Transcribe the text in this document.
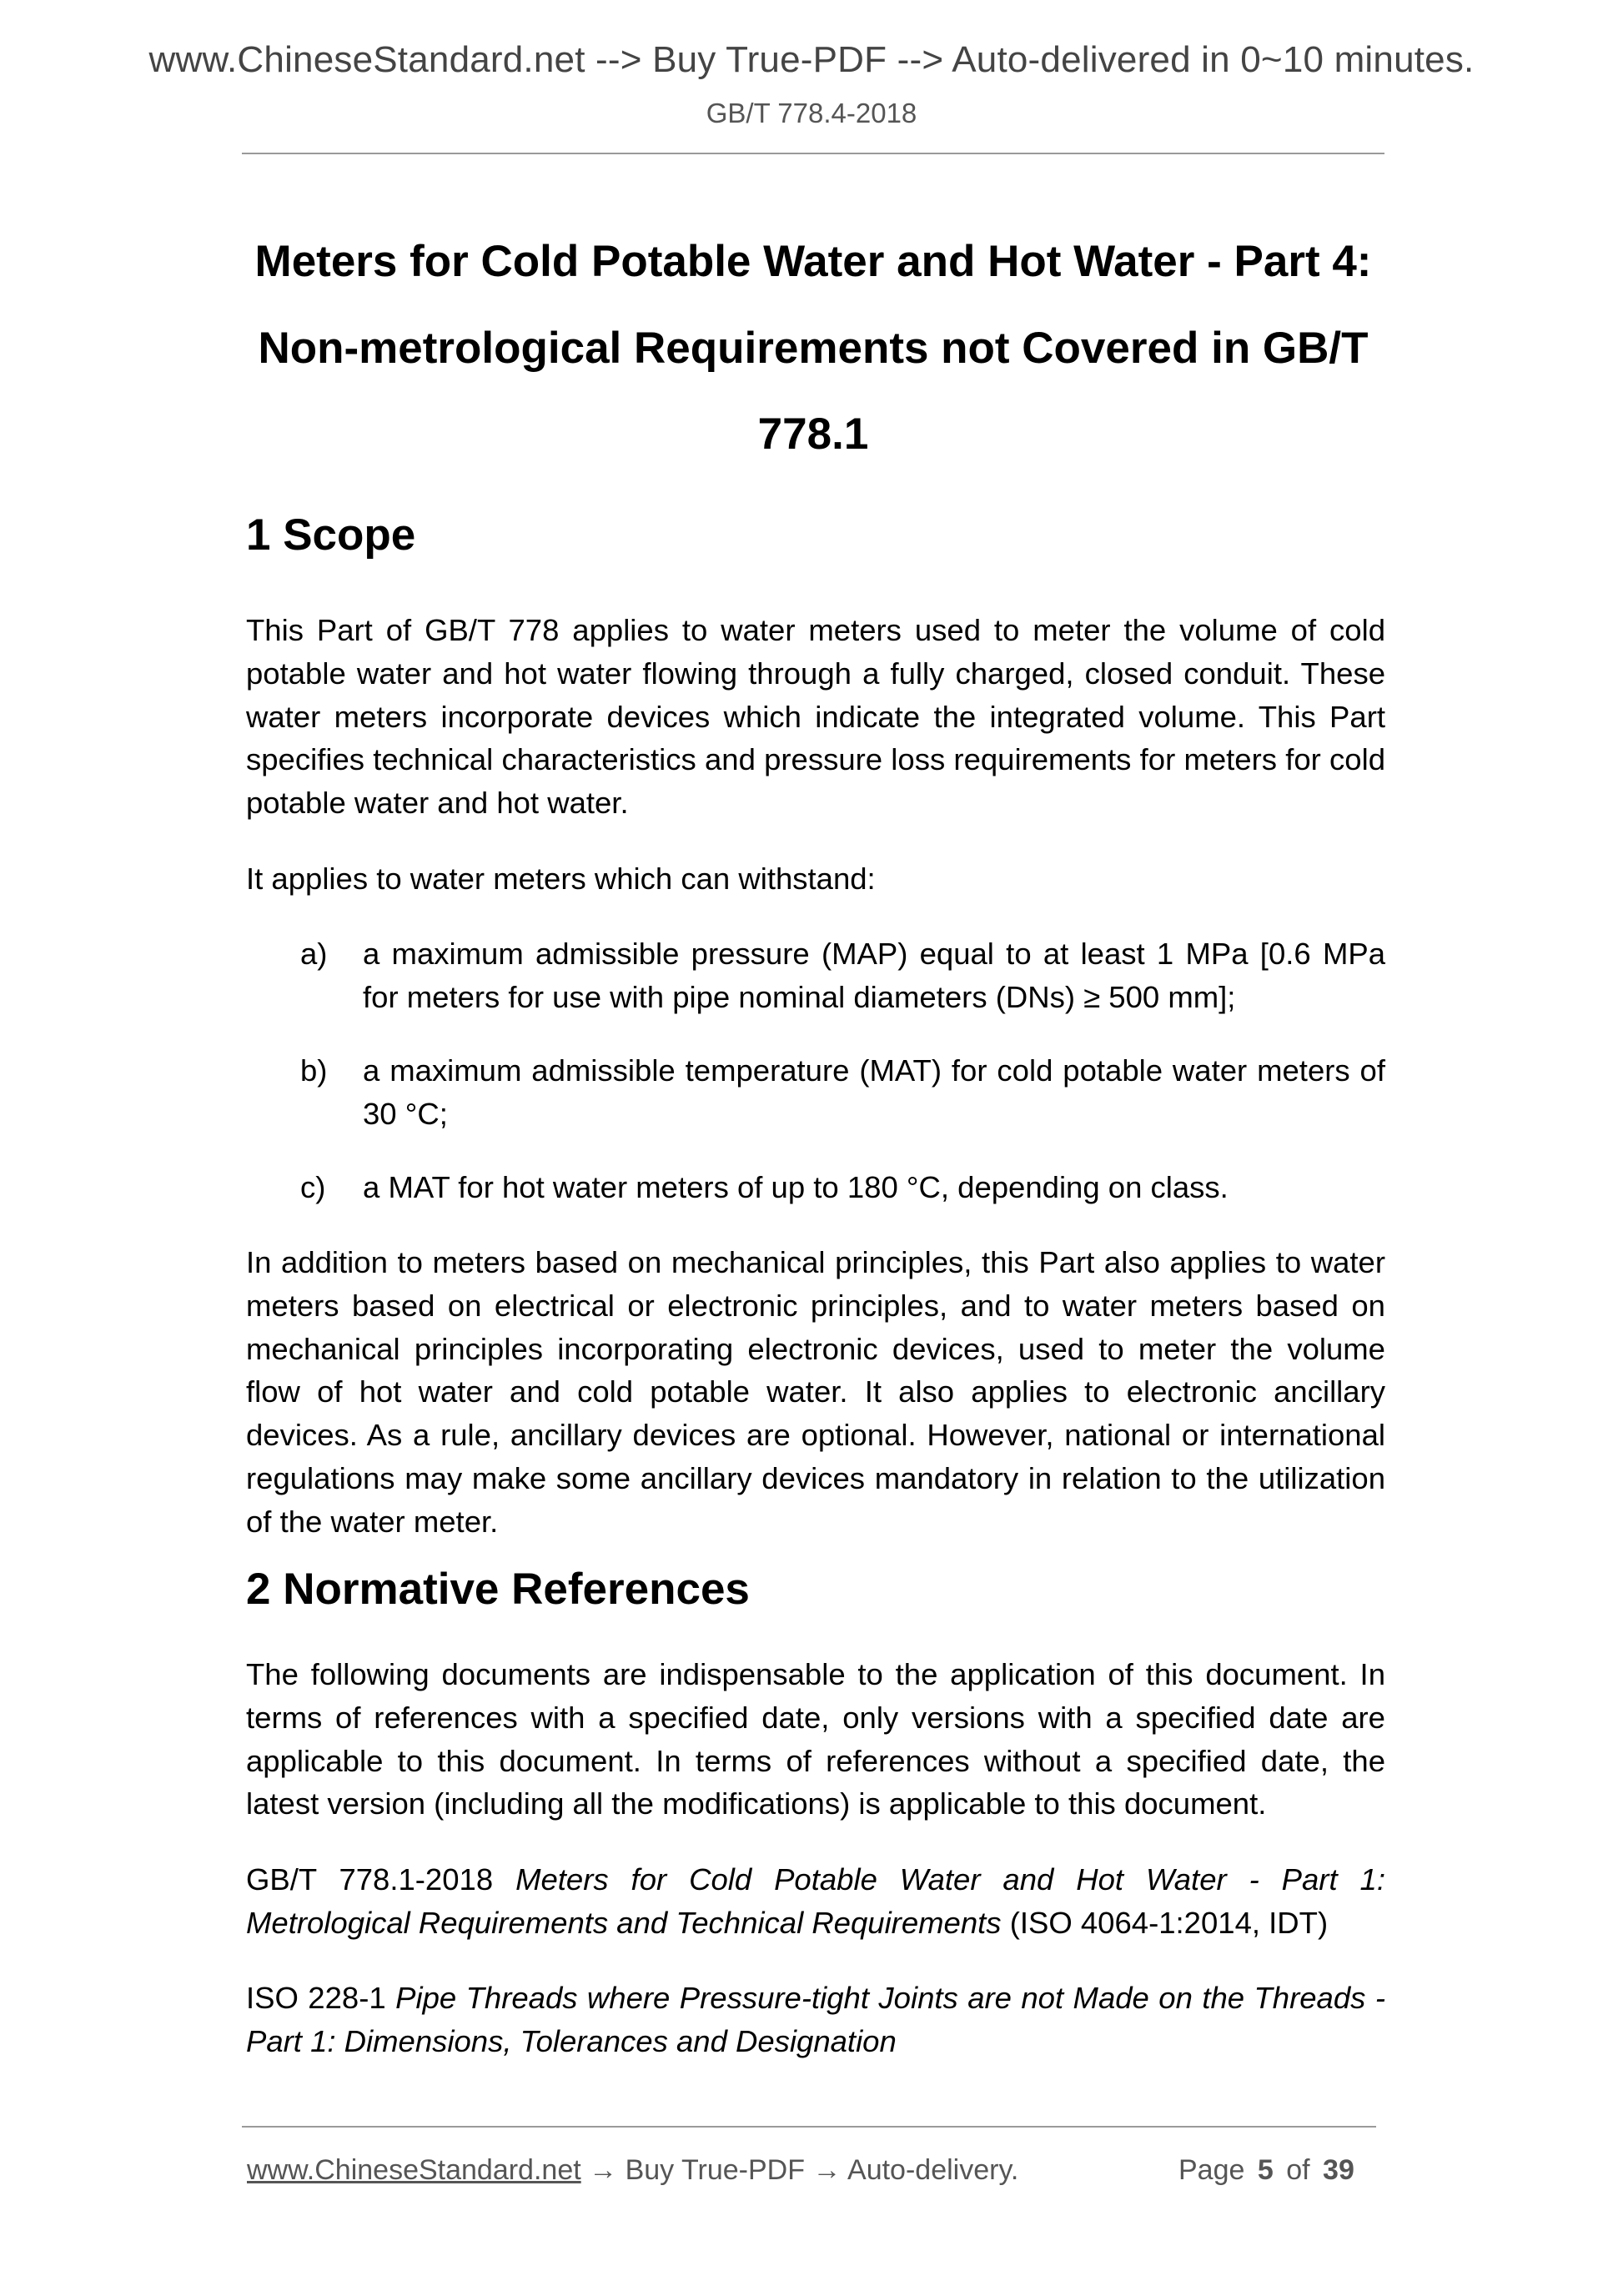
www.ChineseStandard.net --> Buy True-PDF --> Auto-delivered in 0~10 minutes.
GB/T 778.4-2018
Meters for Cold Potable Water and Hot Water - Part 4:
Non-metrological Requirements not Covered in GB/T
778.1
1 Scope
This Part of GB/T 778 applies to water meters used to meter the volume of cold potable water and hot water flowing through a fully charged, closed conduit. These water meters incorporate devices which indicate the integrated volume. This Part specifies technical characteristics and pressure loss requirements for meters for cold potable water and hot water.
It applies to water meters which can withstand:
a) a maximum admissible pressure (MAP) equal to at least 1 MPa [0.6 MPa for meters for use with pipe nominal diameters (DNs) ≥ 500 mm];
b) a maximum admissible temperature (MAT) for cold potable water meters of 30 °C;
c) a MAT for hot water meters of up to 180 °C, depending on class.
In addition to meters based on mechanical principles, this Part also applies to water meters based on electrical or electronic principles, and to water meters based on mechanical principles incorporating electronic devices, used to meter the volume flow of hot water and cold potable water. It also applies to electronic ancillary devices. As a rule, ancillary devices are optional. However, national or international regulations may make some ancillary devices mandatory in relation to the utilization of the water meter.
2 Normative References
The following documents are indispensable to the application of this document. In terms of references with a specified date, only versions with a specified date are applicable to this document. In terms of references without a specified date, the latest version (including all the modifications) is applicable to this document.
GB/T 778.1-2018 Meters for Cold Potable Water and Hot Water - Part 1: Metrological Requirements and Technical Requirements (ISO 4064-1:2014, IDT)
ISO 228-1 Pipe Threads where Pressure-tight Joints are not Made on the Threads - Part 1: Dimensions, Tolerances and Designation
www.ChineseStandard.net → Buy True-PDF → Auto-delivery.	Page 5 of 39
